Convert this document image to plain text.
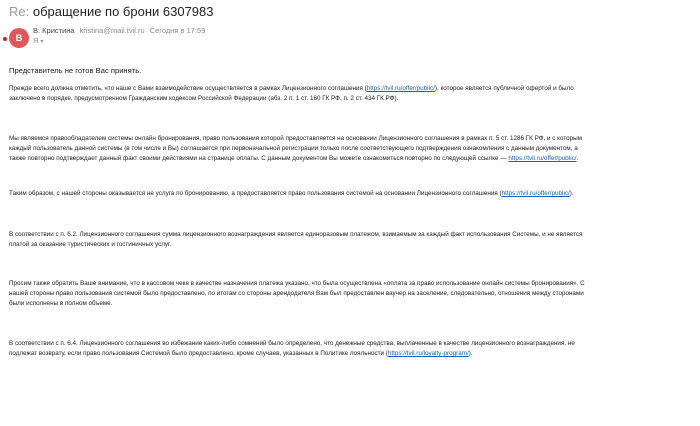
Re: обращение по брони 6307983
В
В. Кристина kristina@mail.tvil.ru Сегодня в 17:59
Я ▾

Представитель не готов Вас принять.

Прежде всего должна отметить, что наше с Вами взаимодействие осуществляется в рамках Лицензионного соглашения (https://tvil.ru/offer/public/), которое является публичной офертой и было
заключено в порядке, предусмотренном Гражданским кодексом Российской Федерации (абз. 2 п. 1 ст. 160 ГК РФ, п. 2 ст. 434 ГК РФ).

Мы являемся правообладателем системы онлайн бронирования, право пользования которой предоставляется на основании Лицензионного соглашения в рамках п. 5 ст. 1286 ГК РФ, и с которым
каждый пользователь данной системы (в том числе и Вы) соглашается при первоначальной регистрации только после соответствующего подтверждения ознакомления с данным документом, а
также повторно подтверждает данный факт своими действиями на странице оплаты. С данным документом Вы можете ознакомиться повторно по следующей ссылке — https://tvil.ru/offer/public/.

Таким образом, с нашей стороны оказывается не услуга по бронированию, а предоставляется право пользования системой на основании Лицензионного соглашения (https://tvil.ru/offer/public/).

В соответствии с п. 6.2. Лицензионного соглашения сумма лицензионного вознаграждения является единоразовым платежом, взимаемым за каждый факт использования Системы, и не является
платой за оказание туристических и гостиничных услуг.

Просим также обратить Ваше внимание, что в кассовом чеке в качестве назначения платежа указано, что была осуществлена «оплата за право использование онлайн системы бронирования». С
нашей стороны право пользования системой было предоставлено, по итогам со стороны арендодателя Вам был предоставлен ваучер на заселение, следовательно, отношения между сторонами
были исполнены в полном объеме.

В соответствии с п. 6.4. Лицензионного соглашения во избежание каких-либо сомнений было определено, что денежные средства, выплаченные в качестве лицензионного вознаграждения, не
подлежат возврату, если право пользования Системой было предоставлено, кроме случаев, указанных в Политике лояльности (https://tvil.ru/loyalty-program/).
